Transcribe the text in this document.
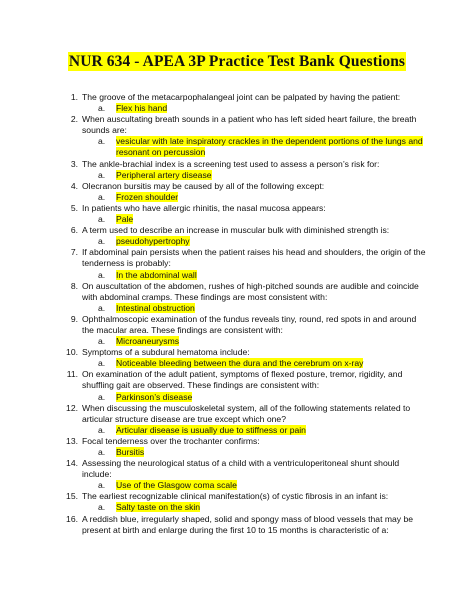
NUR 634 - APEA 3P Practice Test Bank Questions
1. The groove of the metacarpophalangeal joint can be palpated by having the patient:
a. Flex his hand
2. When auscultating breath sounds in a patient who has left sided heart failure, the breath sounds are:
a. vesicular with late inspiratory crackles in the dependent portions of the lungs and resonant on percussion
3. The ankle-brachial index is a screening test used to assess a person’s risk for:
a. Peripheral artery disease
4. Olecranon bursitis may be caused by all of the following except:
a. Frozen shoulder
5. In patients who have allergic rhinitis, the nasal mucosa appears:
a. Pale
6. A term used to describe an increase in muscular bulk with diminished strength is:
a. pseudohypertrophy
7. If abdominal pain persists when the patient raises his head and shoulders, the origin of the tenderness is probably:
a. In the abdominal wall
8. On auscultation of the abdomen, rushes of high-pitched sounds are audible and coincide with abdominal cramps. These findings are most consistent with:
a. Intestinal obstruction
9. Ophthalmoscopic examination of the fundus reveals tiny, round, red spots in and around the macular area. These findings are consistent with:
a. Microaneurysms
10. Symptoms of a subdural hematoma include:
a. Noticeable bleeding between the dura and the cerebrum on x-ray
11. On examination of the adult patient, symptoms of flexed posture, tremor, rigidity, and shuffling gait are observed. These findings are consistent with:
a. Parkinson’s disease
12. When discussing the musculoskeletal system, all of the following statements related to articular structure disease are true except which one?
a. Articular disease is usually due to stiffness or pain
13. Focal tenderness over the trochanter confirms:
a. Bursitis
14. Assessing the neurological status of a child with a ventriculoperitoneal shunt should include:
a. Use of the Glasgow coma scale
15. The earliest recognizable clinical manifestation(s) of cystic fibrosis in an infant is:
a. Salty taste on the skin
16. A reddish blue, irregularly shaped, solid and spongy mass of blood vessels that may be present at birth and enlarge during the first 10 to 15 months is characteristic of a:
